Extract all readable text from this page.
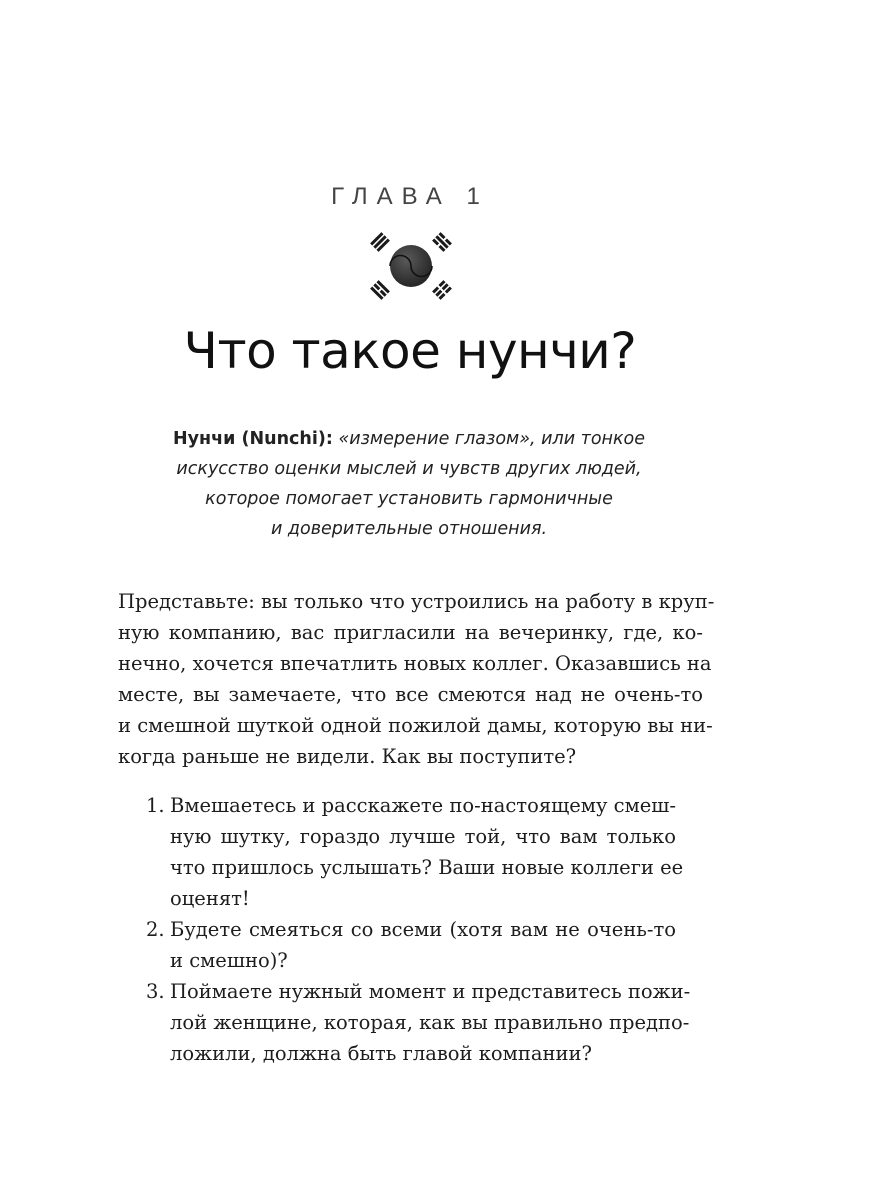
ГЛАВА 1
Что такое нунчи?
Нунчи (Nunchi): «измерение глазом», или тонкое
искусство оценки мыслей и чувств других людей,
которое помогает установить гармоничные
и доверительные отношения.
Представьте: вы только что устроились на работу в круп-
ную компанию, вас пригласили на вечеринку, где, ко-
нечно, хочется впечатлить новых коллег. Оказавшись на
месте, вы замечаете, что все смеются над не очень-то
и смешной шуткой одной пожилой дамы, которую вы ни-
когда раньше не видели. Как вы поступите?
1. Вмешаетесь и расскажете по-настоящему смеш-
ную шутку, гораздо лучше той, что вам только
что пришлось услышать? Ваши новые коллеги ее
оценят!
2. Будете смеяться со всеми (хотя вам не очень-то
и смешно)?
3. Поймаете нужный момент и представитесь пожи-
лой женщине, которая, как вы правильно предпо-
ложили, должна быть главой компании?
